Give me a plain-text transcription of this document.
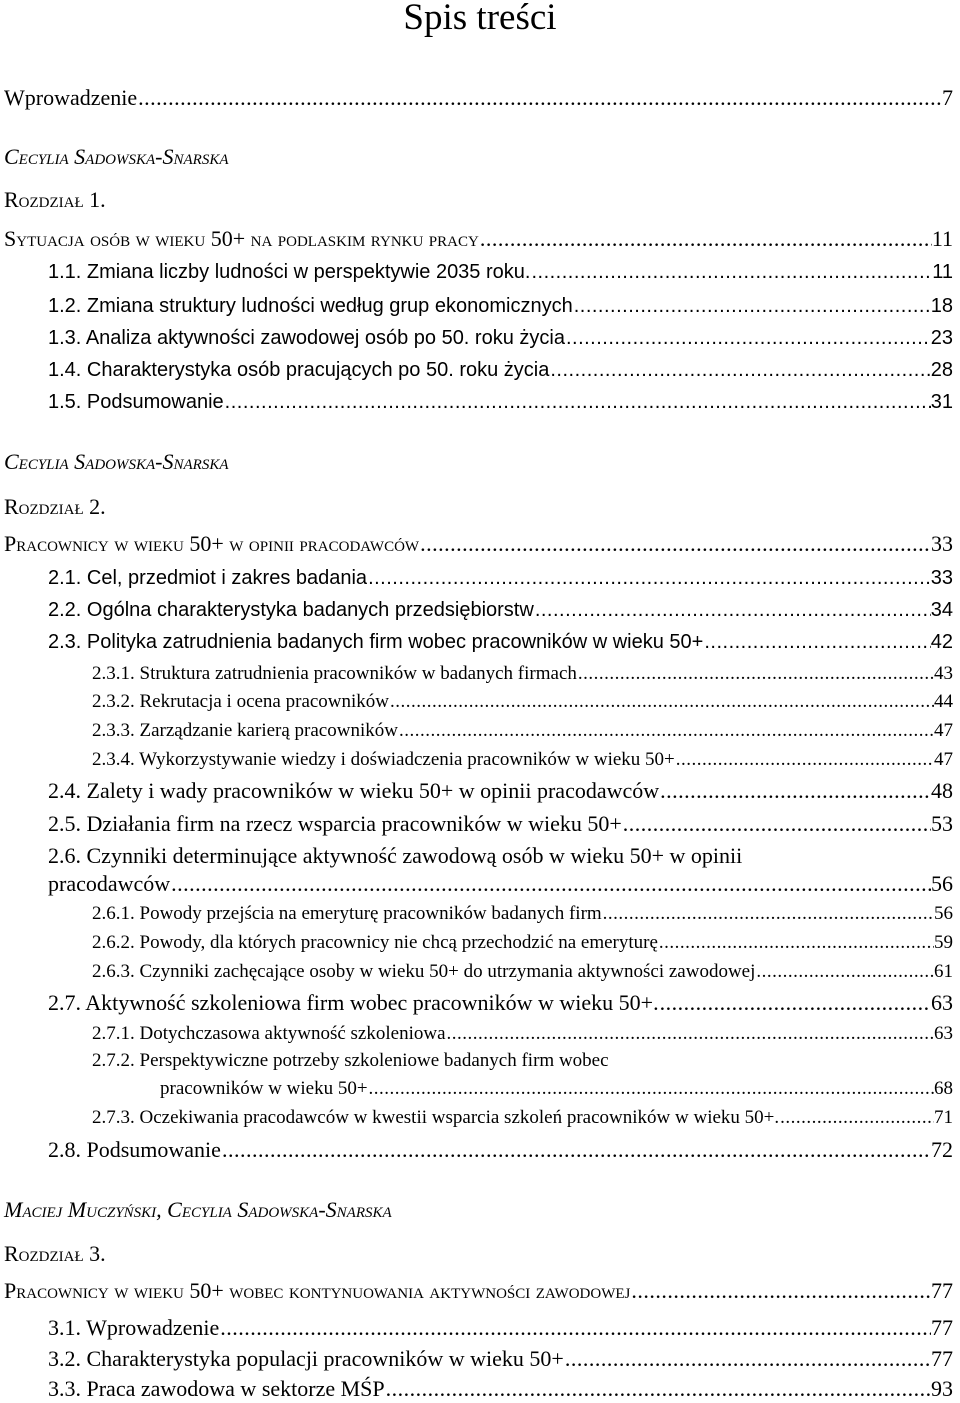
Spis treści
Wprowadzenie .....	7
Cecylia Sadowska-Snarska
Rozdział 1.
Sytuacja osób w wieku 50+ na podlaskim rynku pracy .....	11
1.1. Zmiana liczby ludności w perspektywie 2035 roku. .....	11
1.2. Zmiana struktury ludności według grup ekonomicznych .....	18
1.3. Analiza aktywności zawodowej osób po 50. roku życia .....	23
1.4. Charakterystyka osób pracujących po 50. roku życia .....	28
1.5. Podsumowanie .....	31
Cecylia Sadowska-Snarska
Rozdział 2.
Pracownicy w wieku 50+ w opinii pracodawców .....	33
2.1. Cel, przedmiot i zakres badania .....	33
2.2. Ogólna charakterystyka badanych przedsiębiorstw .....	34
2.3. Polityka zatrudnienia badanych firm wobec pracowników w wieku 50+ .....	42
2.3.1. Struktura zatrudnienia pracowników w badanych firmach .....	43
2.3.2. Rekrutacja i ocena pracowników .....	44
2.3.3. Zarządzanie karierą pracowników .....	47
2.3.4. Wykorzystywanie wiedzy i doświadczenia pracowników w wieku 50+ .....	47
2.4. Zalety i wady pracowników w wieku 50+ w opinii pracodawców .....	48
2.5. Działania firm na rzecz wsparcia pracowników w wieku 50+ .....	53
2.6. Czynniki determinujące aktywność zawodową osób w wieku 50+ w opinii
pracodawców .....	56
2.6.1. Powody przejścia na emeryturę pracowników badanych firm .....	56
2.6.2. Powody, dla których pracownicy nie chcą przechodzić na emeryturę .....	59
2.6.3. Czynniki zachęcające osoby w wieku 50+ do utrzymania aktywności zawodowej .....	61
2.7. Aktywność szkoleniowa firm wobec pracowników w wieku 50+. .....	63
2.7.1. Dotychczasowa aktywność szkoleniowa .....	63
2.7.2. Perspektywiczne potrzeby szkoleniowe badanych firm wobec
pracowników w wieku 50+ .....	68
2.7.3. Oczekiwania pracodawców w kwestii wsparcia szkoleń pracowników w wieku 50+. .....	71
2.8. Podsumowanie .....	72
Maciej Muczyński, Cecylia Sadowska-Snarska
Rozdział 3.
Pracownicy w wieku 50+ wobec kontynuowania aktywności zawodowej .....	77
3.1. Wprowadzenie .....	77
3.2. Charakterystyka populacji pracowników w wieku 50+ .....	77
3.3. Praca zawodowa w sektorze MŚP .....	93
